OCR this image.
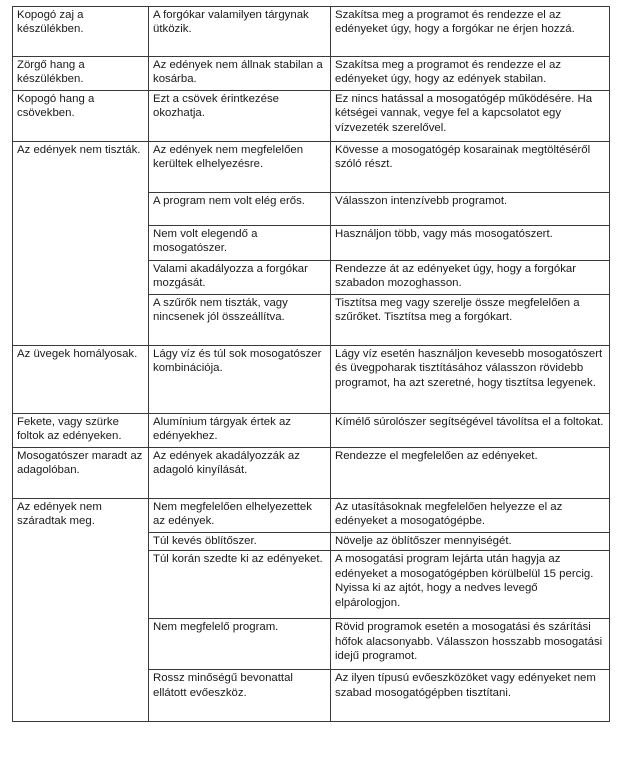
Kopogó zaj a készülékben.	A forgókar valamilyen tárgynak ütközik.	Szakítsa meg a programot és rendezze el az edényeket úgy, hogy a forgókar ne érjen hozzá.
Zörgő hang a készülékben.	Az edények nem állnak stabilan a kosárba.	Szakítsa meg a programot és rendezze el az edényeket úgy, hogy az edények stabilan.
Kopogó hang a csövekben.	Ezt a csövek érintkezése okozhatja.	Ez nincs hatással a mosogatógép működésére. Ha kétségei vannak, vegye fel a kapcsolatot egy vízvezeték szerelővel.
Az edények nem tiszták.	Az edények nem megfelelően kerültek elhelyezésre.	Kövesse a mosogatógép kosarainak megtöltéséről szóló részt.
	A program nem volt elég erős.	Válasszon intenzívebb programot.
	Nem volt elegendő a mosogatószer.	Használjon több, vagy más mosogatószert.
	Valami akadályozza a forgókar mozgását.	Rendezze át az edényeket úgy, hogy a forgókar szabadon mozoghasson.
	A szűrők nem tiszták, vagy nincsenek jól összeállítva.	Tisztítsa meg vagy szerelje össze megfelelően a szűrőket. Tisztítsa meg a forgókart.
Az üvegek homályosak.	Lágy víz és túl sok mosogatószer kombinációja.	Lágy víz esetén használjon kevesebb mosogatószert és üvegpoharak tisztításához válasszon rövidebb programot, ha azt szeretné, hogy tisztítsa legyenek.
Fekete, vagy szürke foltok az edényeken.	Alumínium tárgyak értek az edényekhez.	Kímélő súrolószer segítségével távolítsa el a foltokat.
Mosogatószer maradt az adagolóban.	Az edények akadályozzák az adagoló kinyílását.	Rendezze el megfelelően az edényeket.
Az edények nem száradtak meg.	Nem megfelelően elhelyezettek az edények.	Az utasításoknak megfelelően helyezze el az edényeket a mosogatógépbe.
	Túl kevés öblítőszer.	Növelje az öblítőszer mennyiségét.
	Túl korán szedte ki az edényeket.	A mosogatási program lejárta után hagyja az edényeket a mosogatógépben körülbelül 15 percig. Nyissa ki az ajtót, hogy a nedves levegő elpárologjon.
	Nem megfelelő program.	Rövid programok esetén a mosogatási és szárítási hőfok alacsonyabb. Válasszon hosszabb mosogatási idejű programot.
	Rossz minőségű bevonattal ellátott evőeszköz.	Az ilyen típusú evőeszközöket vagy edényeket nem szabad mosogatógépben tisztítani.
